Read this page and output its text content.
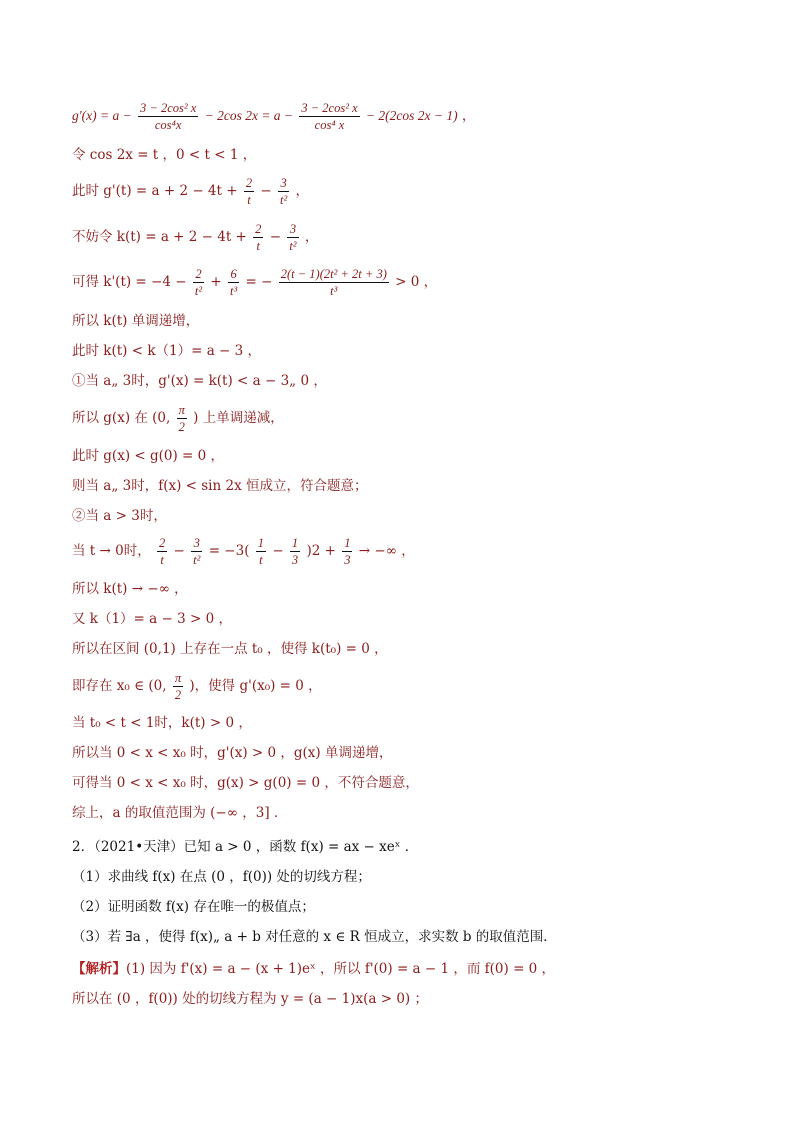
$g'(x) = a - \frac{\text{3 − 2cos² x}}{\text{cos⁴x}} - 2\cos$ $2x = a - \frac{\text{3 − 2cos² x}}{\text{cos⁴ x}} - 2(2\cos$ 2x − 1) ，
令 cos 2x = t ，0 < t < 1 ，
此时 $g'(t) = a + 2 - 4t + \frac{2}{t} - \frac{3}{\text{t²}}$ ，
不妨令 $k(t) = a + 2 - 4t + \frac{2}{t} - \frac{3}{\text{t²}}$ ，
可得 $k'(t) = -4 - \frac{2}{\text{t²}} + \frac{6}{\text{t³}}$ = − $\frac{\text{2(t − 1)(2t² + 2t + 3)}}{\text{t³}} > 0$ ，
所以 k(t) 单调递增，
此时 k(t) < k（1）= a − 3 ，
①当 a„ 3时，g'(x) = k(t) < a − 3„ 0 ，
所以 g(x) 在 (0, $\frac{\pi}{2}$ ) 上单调递减，
此时 g(x) < g(0) = 0 ，
则当 a„ 3时，f(x) < sin 2x 恒成立，符合题意；
②当 a > 3时，
当 t → 0时， $\frac{2}{t} - \frac{3}{\text{t²}} = -3( \frac{1}{t} - \frac{1}{3} )2 + \frac{1}{3}$ → −∞ ，
所以 k(t) → −∞ ，
又 k（1）= a − 3 > 0 ，
所以在区间 (0,1) 上存在一点 t₀ ，使得 k(t₀) = 0 ，
即存在 x₀ ∈ (0, $\frac{\pi}{2}$ )，使得 g'(x₀) = 0 ，
当 t₀ < t < 1时，k(t) > 0 ，
所以当 0 < x < x₀ 时，g'(x) > 0 ，g(x) 单调递增，
可得当 0 < x < x₀ 时，g(x) > g(0) = 0 ，不符合题意，
综上，a 的取值范围为 (−∞ ，3] ．
2．（2021•天津）已知 a > 0 ，函数 f(x) = ax − xeˣ ．
（1）求曲线 f(x) 在点 (0 ，f(0)) 处的切线方程；
（2）证明函数 f(x) 存在唯一的极值点；
（3）若 ∃a ，使得 f(x)„ a + b 对任意的 x ∈ R 恒成立，求实数 b 的取值范围．
【解析】(1) 因为 f'(x) = a − (x + 1)eˣ ，所以 f'(0) = a − 1 ，而 f(0) = 0 ，
所以在 (0 ，f(0)) 处的切线方程为 y = (a − 1)x(a > 0) ；
